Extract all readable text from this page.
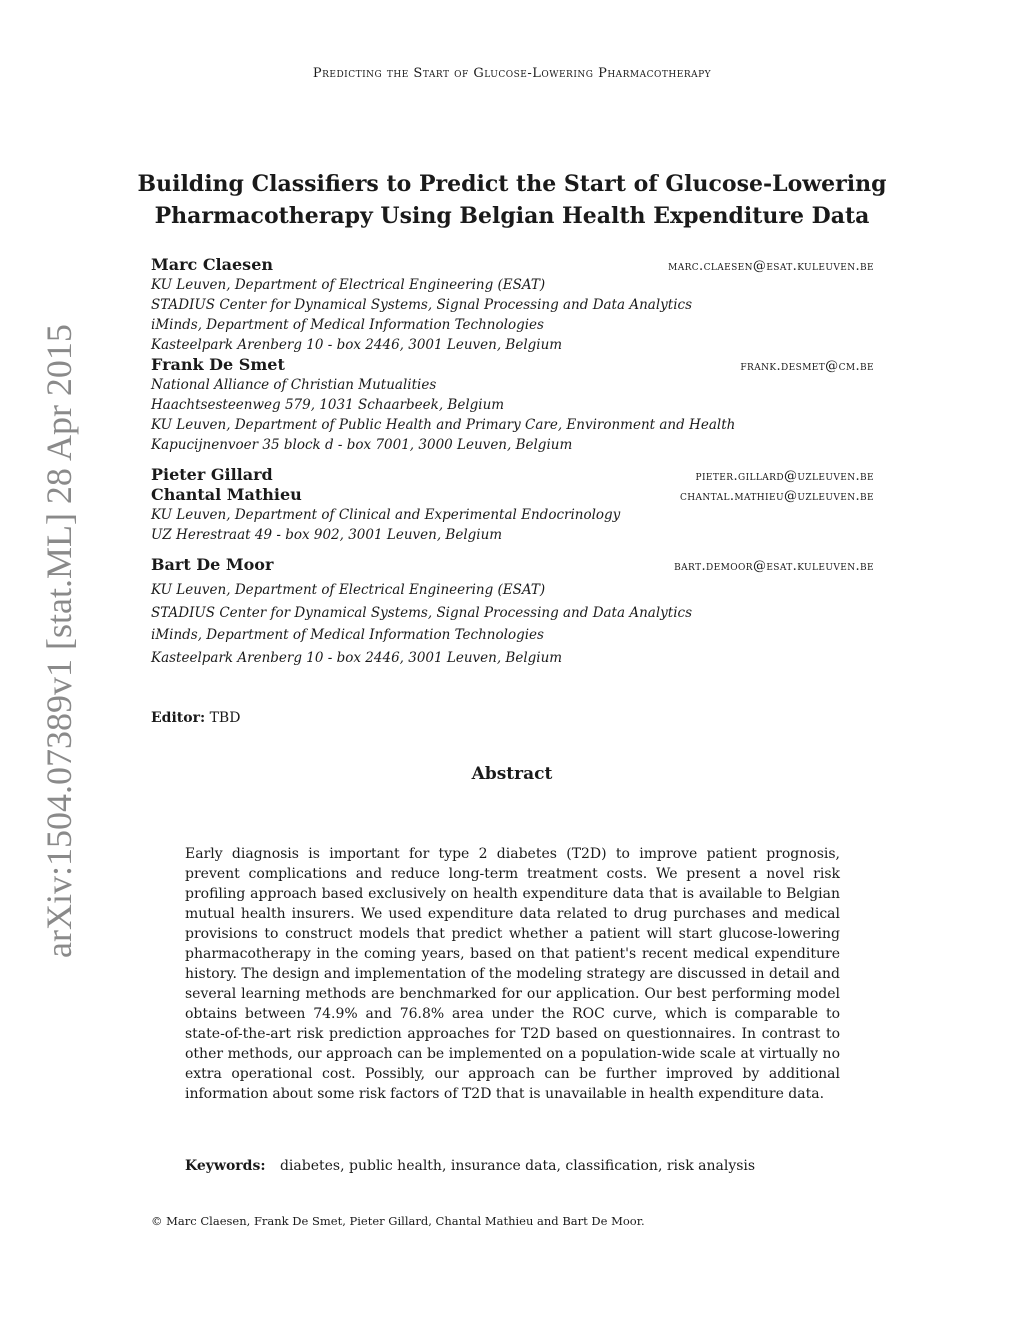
Predicting the Start of Glucose-Lowering Pharmacotherapy
arXiv:1504.07389v1 [stat.ML] 28 Apr 2015
Building Classifiers to Predict the Start of Glucose-Lowering
Pharmacotherapy Using Belgian Health Expenditure Data
Marc Claesen	marc.claesen@esat.kuleuven.be
KU Leuven, Department of Electrical Engineering (ESAT)
STADIUS Center for Dynamical Systems, Signal Processing and Data Analytics
iMinds, Department of Medical Information Technologies
Kasteelpark Arenberg 10 - box 2446, 3001 Leuven, Belgium
Frank De Smet	frank.desmet@cm.be
National Alliance of Christian Mutualities
Haachtsesteenweg 579, 1031 Schaarbeek, Belgium
KU Leuven, Department of Public Health and Primary Care, Environment and Health
Kapucijnenvoer 35 block d - box 7001, 3000 Leuven, Belgium
Pieter Gillard	pieter.gillard@uzleuven.be
Chantal Mathieu	chantal.mathieu@uzleuven.be
KU Leuven, Department of Clinical and Experimental Endocrinology
UZ Herestraat 49 - box 902, 3001 Leuven, Belgium
Bart De Moor	bart.demoor@esat.kuleuven.be
KU Leuven, Department of Electrical Engineering (ESAT)
STADIUS Center for Dynamical Systems, Signal Processing and Data Analytics
iMinds, Department of Medical Information Technologies
Kasteelpark Arenberg 10 - box 2446, 3001 Leuven, Belgium
Editor: TBD
Abstract
Early diagnosis is important for type 2 diabetes (T2D) to improve patient prognosis, prevent complications and reduce long-term treatment costs. We present a novel risk profiling approach based exclusively on health expenditure data that is available to Belgian mutual health insurers. We used expenditure data related to drug purchases and medical provisions to construct models that predict whether a patient will start glucose-lowering pharmacotherapy in the coming years, based on that patient's recent medical expenditure history. The design and implementation of the modeling strategy are discussed in detail and several learning methods are benchmarked for our application. Our best performing model obtains between 74.9% and 76.8% area under the ROC curve, which is comparable to state-of-the-art risk prediction approaches for T2D based on questionnaires. In contrast to other methods, our approach can be implemented on a population-wide scale at virtually no extra operational cost. Possibly, our approach can be further improved by additional information about some risk factors of T2D that is unavailable in health expenditure data.
Keywords: diabetes, public health, insurance data, classification, risk analysis
© Marc Claesen, Frank De Smet, Pieter Gillard, Chantal Mathieu and Bart De Moor.
